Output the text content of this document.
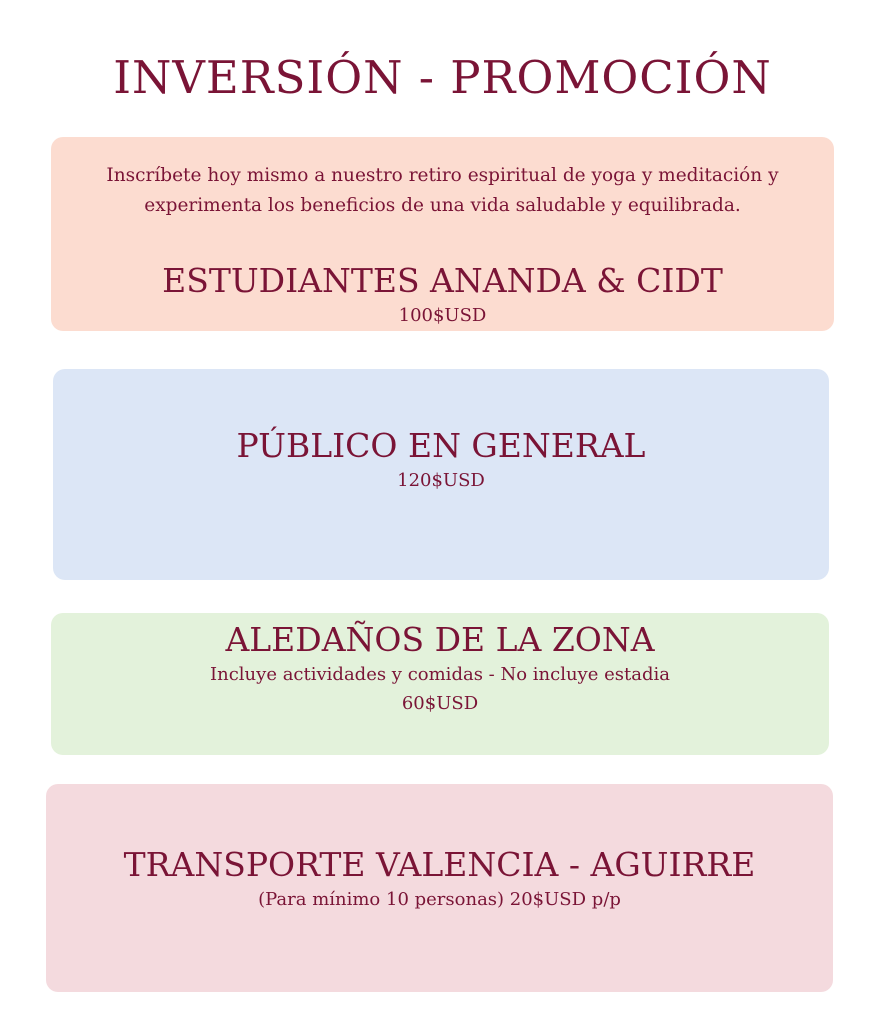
INVERSIÓN - PROMOCIÓN
Inscríbete hoy mismo a nuestro retiro espiritual de yoga y meditación y
experimenta los beneficios de una vida saludable y equilibrada.
ESTUDIANTES ANANDA & CIDT
100$USD
PÚBLICO EN GENERAL
120$USD
ALEDAÑOS DE LA ZONA
Incluye actividades y comidas - No incluye estadia
60$USD
TRANSPORTE VALENCIA - AGUIRRE
(Para mínimo 10 personas) 20$USD p/p
